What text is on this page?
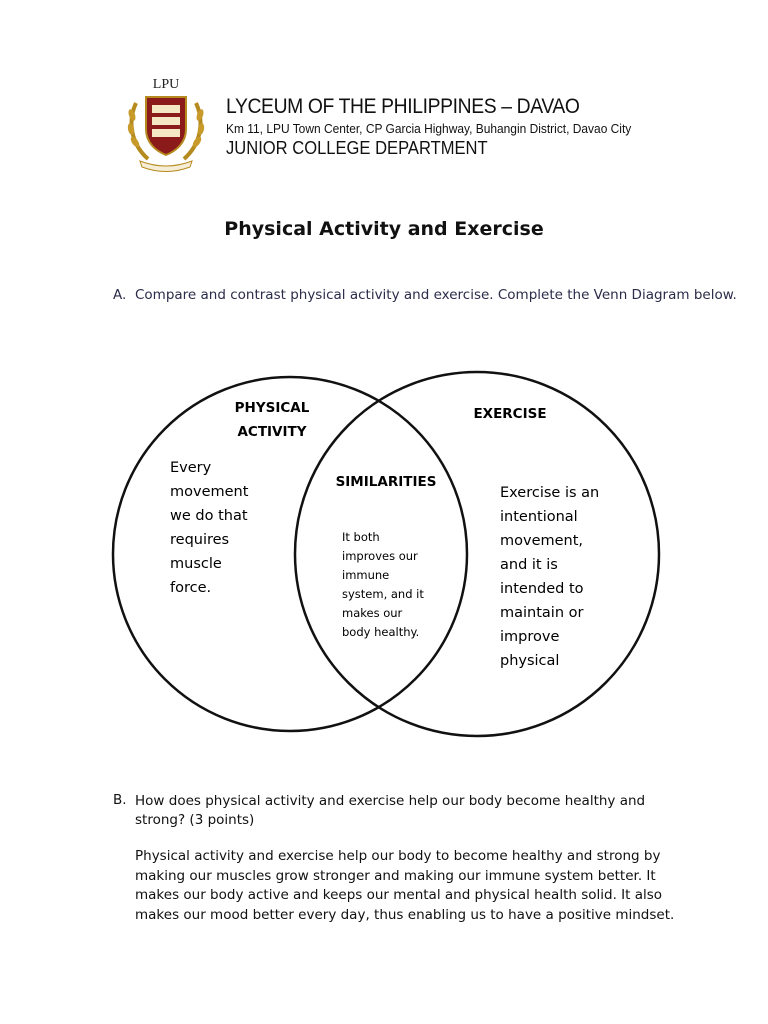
LPU
LYCEUM OF THE PHILIPPINES – DAVAO
Km 11, LPU Town Center, CP Garcia Highway, Buhangin District, Davao City
JUNIOR COLLEGE DEPARTMENT
Physical Activity and Exercise
A. Compare and contrast physical activity and exercise. Complete the Venn Diagram below.
PHYSICAL
ACTIVITY
EXERCISE
SIMILARITIES
Every
movement
we do that
requires
muscle
force.
Exercise is an
intentional
movement,
and it is
intended to
maintain or
improve
physical
It both
improves our
immune
system, and it
makes our
body healthy.
B. How does physical activity and exercise help our body become healthy and strong? (3 points)
Physical activity and exercise help our body to become healthy and strong by making our muscles grow stronger and making our immune system better. It makes our body active and keeps our mental and physical health solid. It also makes our mood better every day, thus enabling us to have a positive mindset.
